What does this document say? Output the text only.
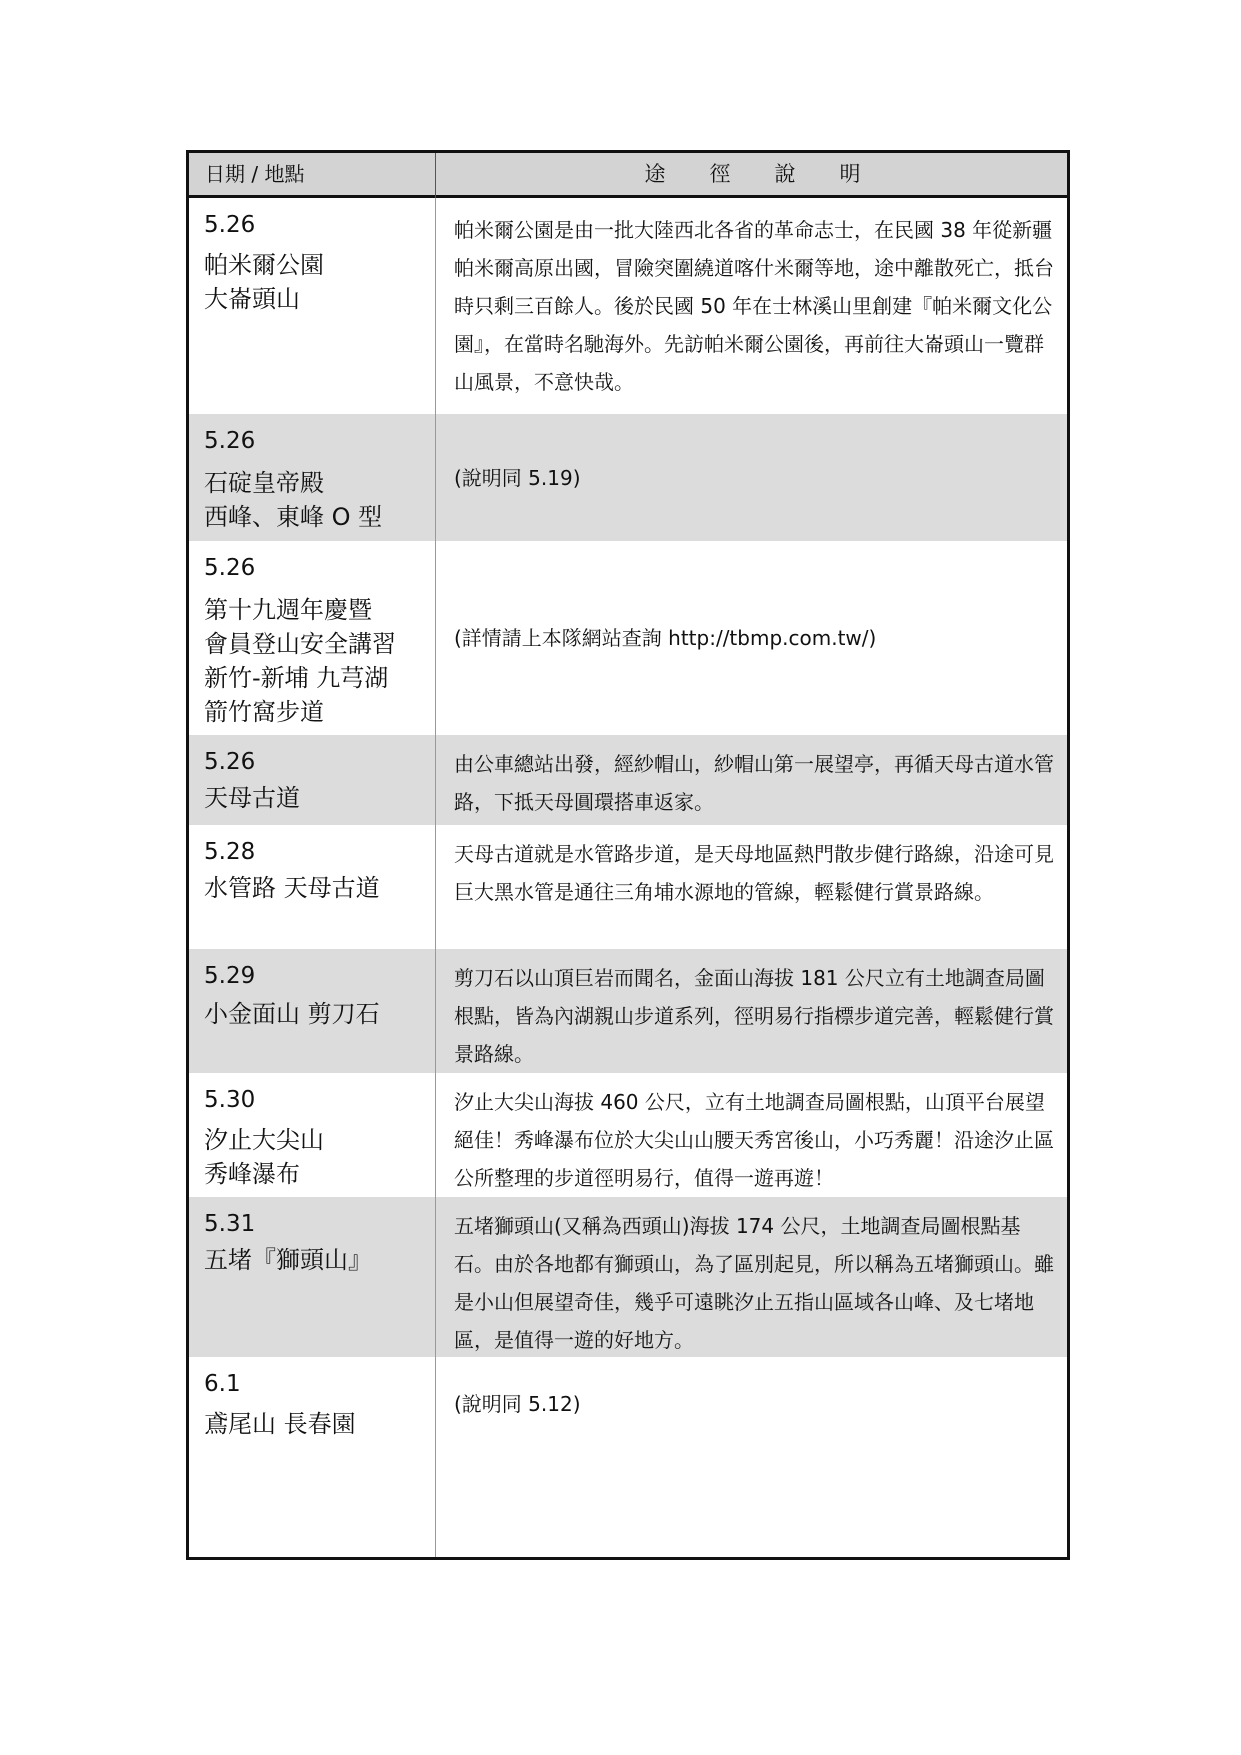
日期 / 地點	途徑說明
5.26
帕米爾公園
大崙頭山
帕米爾公園是由一批大陸西北各省的革命志士，在民國 38 年從新疆帕米爾高原出國，冒險突圍繞道喀什米爾等地，途中離散死亡，抵台時只剩三百餘人。後於民國 50 年在士林溪山里創建『帕米爾文化公園』，在當時名馳海外。先訪帕米爾公園後，再前往大崙頭山一覽群山風景，不意快哉。
5.26
石碇皇帝殿
西峰、東峰 O 型
(說明同 5.19)
5.26
第十九週年慶暨
會員登山安全講習
新竹-新埔 九芎湖
箭竹窩步道
(詳情請上本隊網站查詢 http://tbmp.com.tw/)
5.26
天母古道
由公車總站出發，經紗帽山，紗帽山第一展望亭，再循天母古道水管路，下抵天母圓環搭車返家。
5.28
水管路 天母古道
天母古道就是水管路步道，是天母地區熱門散步健行路線，沿途可見巨大黑水管是通往三角埔水源地的管線，輕鬆健行賞景路線。
5.29
小金面山 剪刀石
剪刀石以山頂巨岩而聞名，金面山海拔 181 公尺立有土地調查局圖根點，皆為內湖親山步道系列，徑明易行指標步道完善，輕鬆健行賞景路線。
5.30
汐止大尖山
秀峰瀑布
汐止大尖山海拔 460 公尺，立有土地調查局圖根點，山頂平台展望絕佳！秀峰瀑布位於大尖山山腰天秀宮後山，小巧秀麗！沿途汐止區公所整理的步道徑明易行，值得一遊再遊！
5.31
五堵『獅頭山』
五堵獅頭山(又稱為西頭山)海拔 174 公尺，土地調查局圖根點基石。由於各地都有獅頭山，為了區別起見，所以稱為五堵獅頭山。雖是小山但展望奇佳，幾乎可遠眺汐止五指山區域各山峰、及七堵地區，是值得一遊的好地方。
6.1
鳶尾山 長春園
(說明同 5.12)
